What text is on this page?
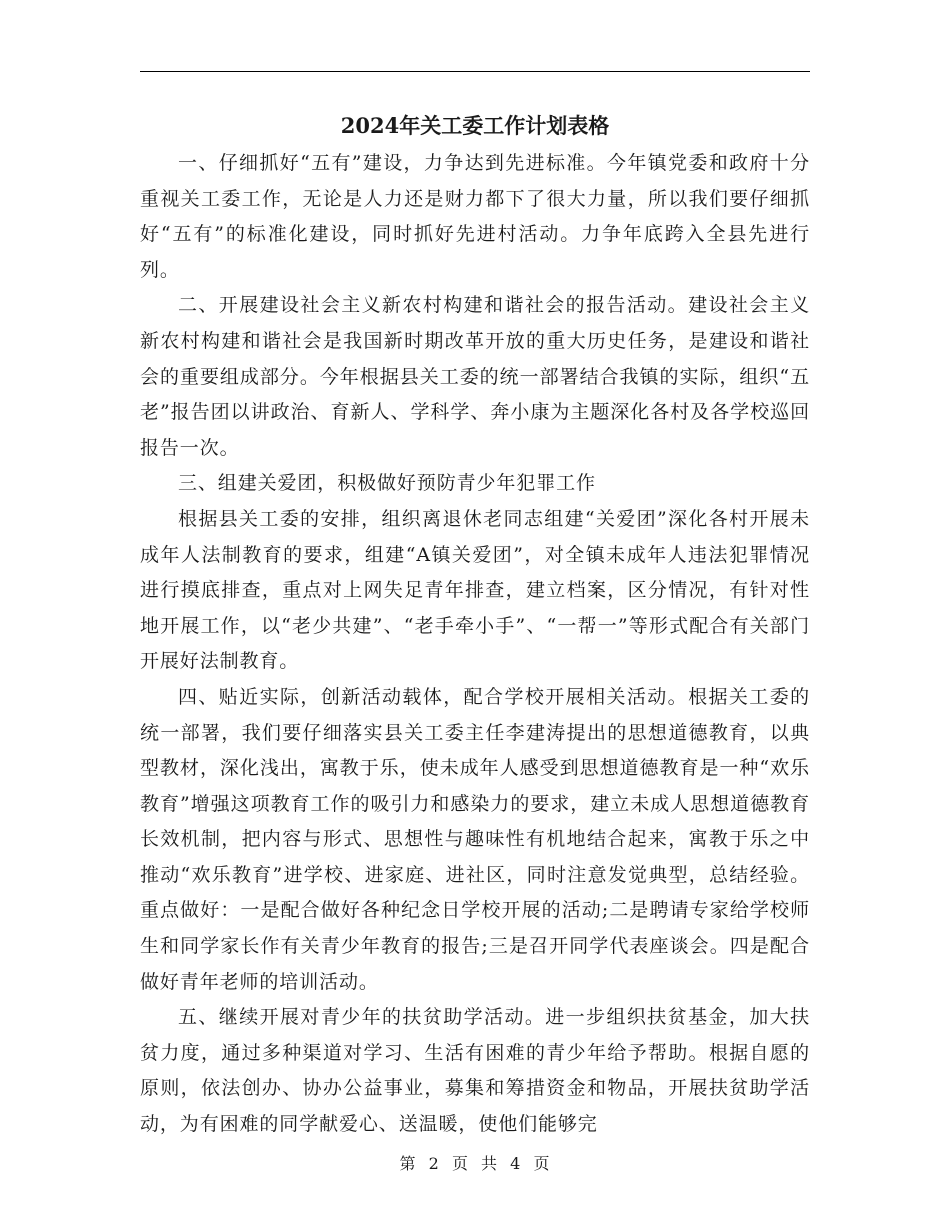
2024年关工委工作计划表格

一、仔细抓好“五有”建设，力争达到先进标准。今年镇党委和政府十分重视关工委工作，无论是人力还是财力都下了很大力量，所以我们要仔细抓好“五有”的标准化建设，同时抓好先进村活动。力争年底跨入全县先进行列。

二、开展建设社会主义新农村构建和谐社会的报告活动。建设社会主义新农村构建和谐社会是我国新时期改革开放的重大历史任务，是建设和谐社会的重要组成部分。今年根据县关工委的统一部署结合我镇的实际，组织“五老”报告团以讲政治、育新人、学科学、奔小康为主题深化各村及各学校巡回报告一次。

三、组建关爱团，积极做好预防青少年犯罪工作

根据县关工委的安排，组织离退休老同志组建“关爱团”深化各村开展未成年人法制教育的要求，组建“A镇关爱团”，对全镇未成年人违法犯罪情况进行摸底排查，重点对上网失足青年排查，建立档案，区分情况，有针对性地开展工作，以“老少共建”、“老手牵小手”、“一帮一”等形式配合有关部门开展好法制教育。

四、贴近实际，创新活动载体，配合学校开展相关活动。根据关工委的统一部署，我们要仔细落实县关工委主任李建涛提出的思想道德教育，以典型教材，深化浅出，寓教于乐，使未成年人感受到思想道德教育是一种“欢乐教育”增强这项教育工作的吸引力和感染力的要求，建立未成人思想道德教育长效机制，把内容与形式、思想性与趣味性有机地结合起来，寓教于乐之中推动“欢乐教育”进学校、进家庭、进社区，同时注意发觉典型，总结经验。重点做好：一是配合做好各种纪念日学校开展的活动;二是聘请专家给学校师生和同学家长作有关青少年教育的报告;三是召开同学代表座谈会。四是配合做好青年老师的培训活动。

五、继续开展对青少年的扶贫助学活动。进一步组织扶贫基金，加大扶贫力度，通过多种渠道对学习、生活有困难的青少年给予帮助。根据自愿的原则，依法创办、协办公益事业，募集和筹措资金和物品，开展扶贫助学活动，为有困难的同学献爱心、送温暖，使他们能够完

第 2 页 共 4 页
